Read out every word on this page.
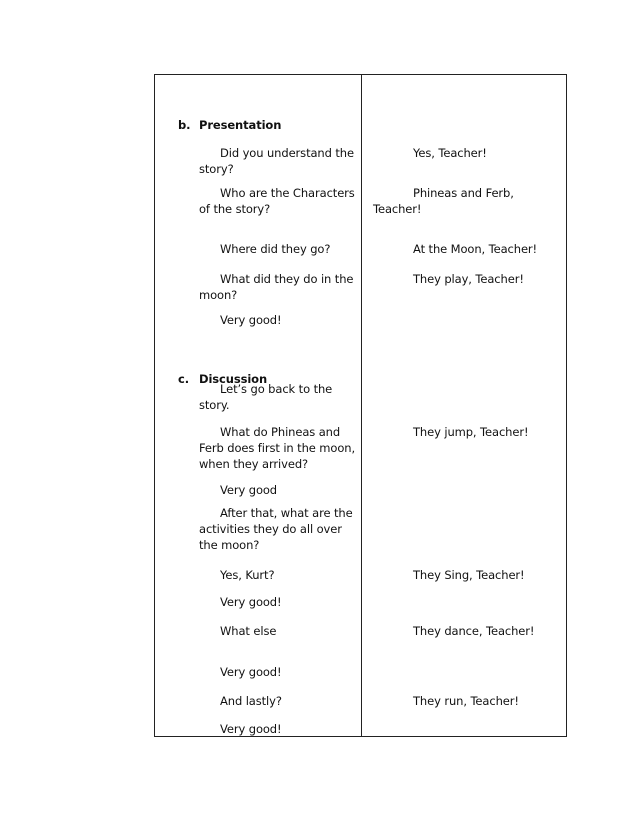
b. Presentation

c. Discussion

Did you understand the
story?
Who are the Characters
of the story?
Where did they go?
What did they do in the
moon?
Very good!
Let’s go back to the
story.
What do Phineas and
Ferb does first in the moon,
when they arrived?
Very good
After that, what are the
activities they do all over
the moon?
Yes, Kurt?
Very good!
What else
Very good!
And lastly?
Very good!
Yes, Teacher!
Phineas and Ferb,
Teacher!
At the Moon, Teacher!
They play, Teacher!
They jump, Teacher!
They Sing, Teacher!
They dance, Teacher!
They run, Teacher!
